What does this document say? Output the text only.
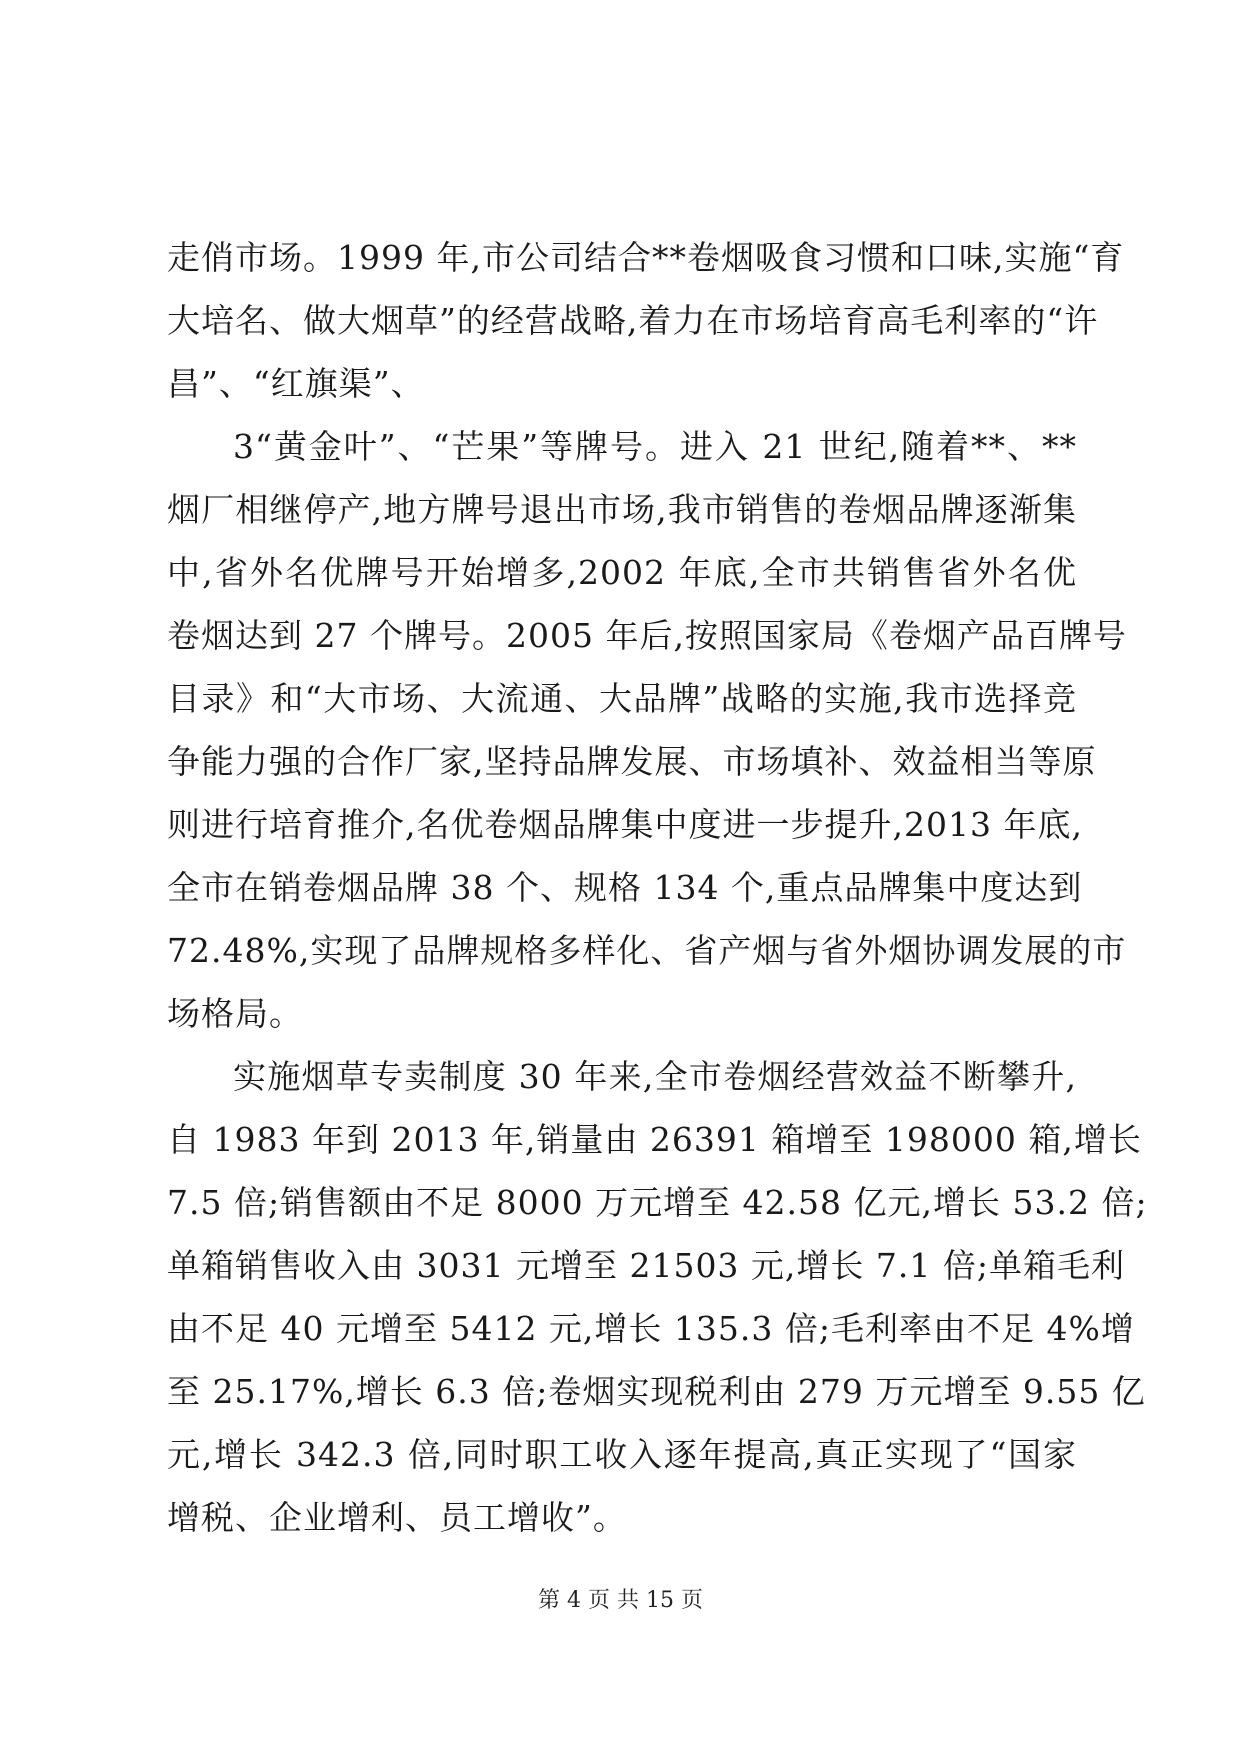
走俏市场。1999 年,市公司结合**卷烟吸食习惯和口味,实施“育
大培名、做大烟草”的经营战略,着力在市场培育高毛利率的“许
昌”、“红旗渠”、
3“黄金叶”、“芒果”等牌号。进入 21 世纪,随着**、**
烟厂相继停产,地方牌号退出市场,我市销售的卷烟品牌逐渐集
中,省外名优牌号开始增多,2002 年底,全市共销售省外名优
卷烟达到 27 个牌号。2005 年后,按照国家局《卷烟产品百牌号
目录》和“大市场、大流通、大品牌”战略的实施,我市选择竞
争能力强的合作厂家,坚持品牌发展、市场填补、效益相当等原
则进行培育推介,名优卷烟品牌集中度进一步提升,2013 年底,
全市在销卷烟品牌 38 个、规格 134 个,重点品牌集中度达到
72.48%,实现了品牌规格多样化、省产烟与省外烟协调发展的市
场格局。
实施烟草专卖制度 30 年来,全市卷烟经营效益不断攀升,
自 1983 年到 2013 年,销量由 26391 箱增至 198000 箱,增长
7.5 倍;销售额由不足 8000 万元增至 42.58 亿元,增长 53.2 倍;
单箱销售收入由 3031 元增至 21503 元,增长 7.1 倍;单箱毛利
由不足 40 元增至 5412 元,增长 135.3 倍;毛利率由不足 4%增
至 25.17%,增长 6.3 倍;卷烟实现税利由 279 万元增至 9.55 亿
元,增长 342.3 倍,同时职工收入逐年提高,真正实现了“国家
增税、企业增利、员工增收”。
第 4 页 共 15 页
